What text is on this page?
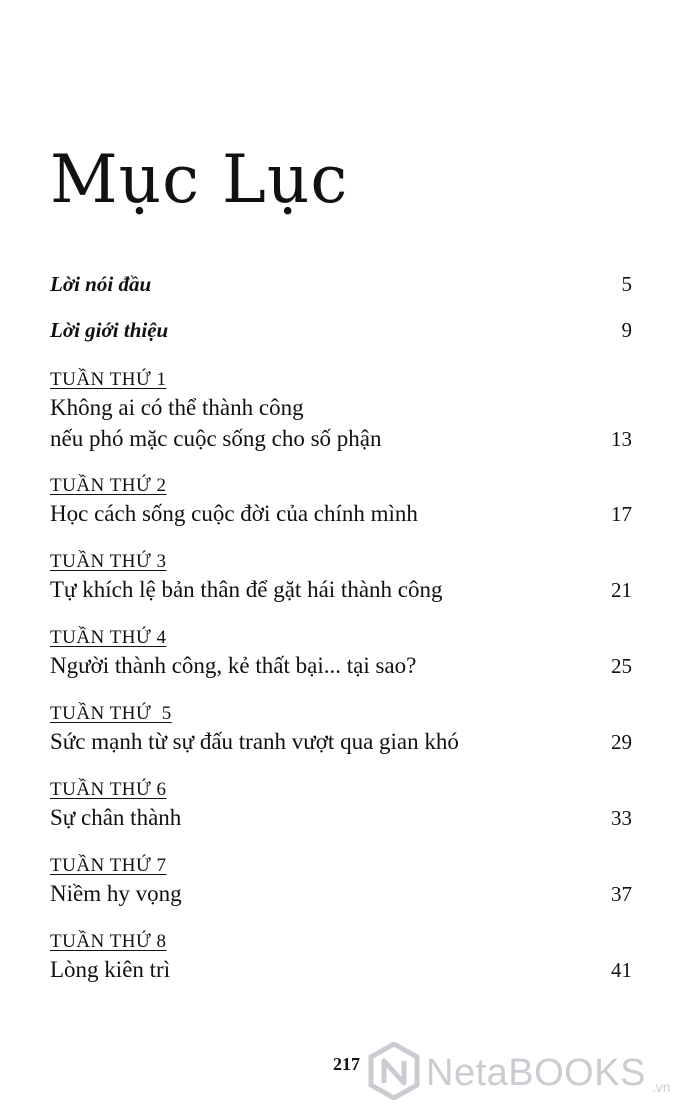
Mục Lục
Lời nói đầu	5
Lời giới thiệu	9
TUẦN THỨ 1
Không ai có thể thành công
nếu phó mặc cuộc sống cho số phận	13
TUẦN THỨ 2
Học cách sống cuộc đời của chính mình	17
TUẦN THỨ 3
Tự khích lệ bản thân để gặt hái thành công	21
TUẦN THỨ 4
Người thành công, kẻ thất bại... tại sao?	25
TUẦN THỨ  5
Sức mạnh từ sự đấu tranh vượt qua gian khó	29
TUẦN THỨ 6
Sự chân thành	33
TUẦN THỨ 7
Niềm hy vọng	37
TUẦN THỨ 8
Lòng kiên trì	41
217 NetaBOOKS .vn
